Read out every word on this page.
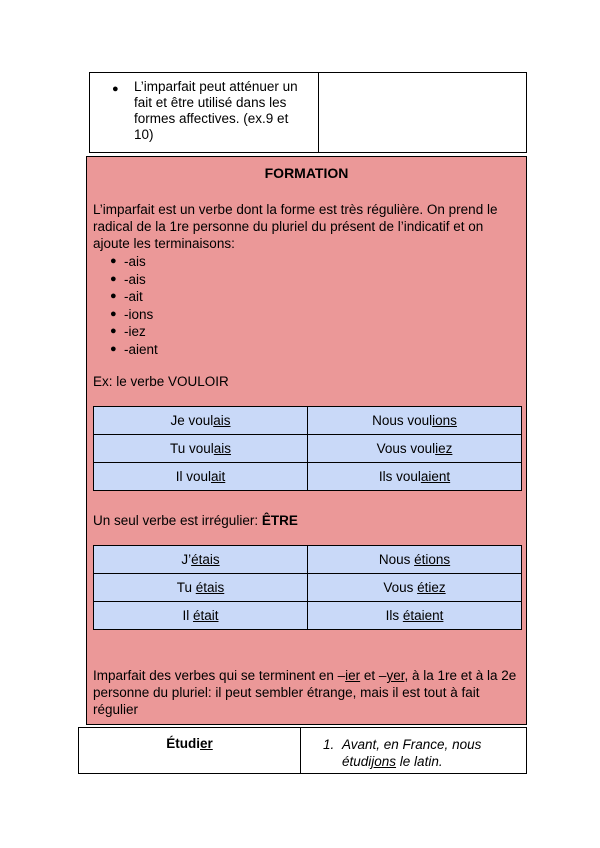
● L’imparfait peut atténuer un fait et être utilisé dans les formes affectives. (ex.9 et 10)
FORMATION
L’imparfait est un verbe dont la forme est très régulière. On prend le radical de la 1re personne du pluriel du présent de l’indicatif et on ajoute les terminaisons:
● -ais
● -ais
● -ait
● -ions
● -iez
● -aient
Ex: le verbe VOULOIR
Je voulais	Nous voulions
Tu voulais	Vous vouliez
Il voulait	Ils voulaient
Un seul verbe est irrégulier: ÊTRE
J’étais	Nous étions
Tu étais	Vous étiez
Il était	Ils étaient
Imparfait des verbes qui se terminent en –ier et –yer, à la 1re et à la 2e personne du pluriel: il peut sembler étrange, mais il est tout à fait régulier
Étudier	1. Avant, en France, nous étudijons le latin.
